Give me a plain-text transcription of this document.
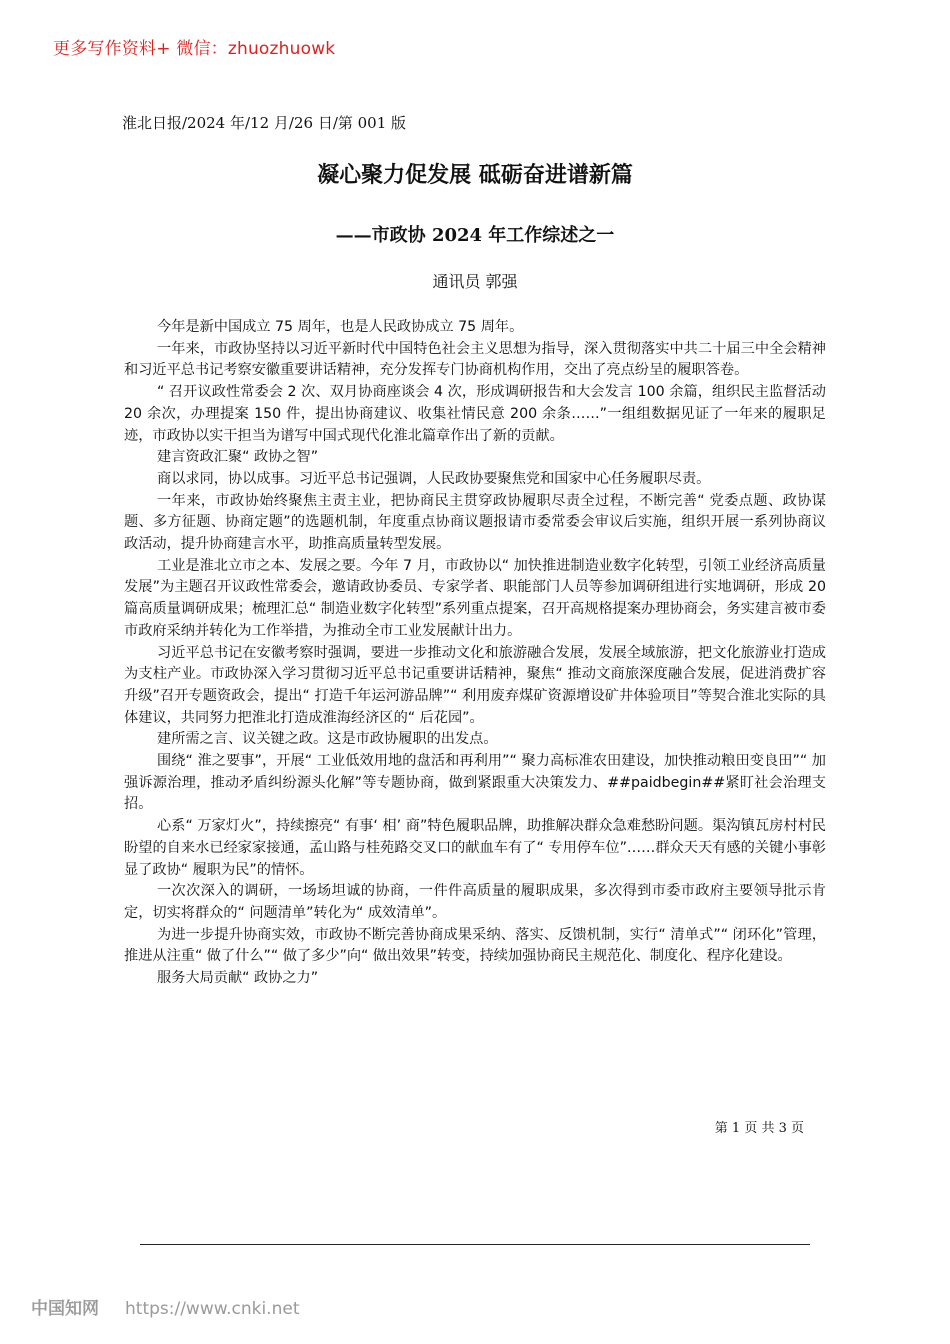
更多写作资料+ 微信：zhuozhuowk
淮北日报/2024 年/12 月/26 日/第 001 版
凝心聚力促发展 砥砺奋进谱新篇
——市政协 2024 年工作综述之一
通讯员 郭强

今年是新中国成立 75 周年，也是人民政协成立 75 周年。

一年来，市政协坚持以习近平新时代中国特色社会主义思想为指导，深入贯彻落实中共二十届三中全会精神和习近平总书记考察安徽重要讲话精神，充分发挥专门协商机构作用，交出了亮点纷呈的履职答卷。

“ 召开议政性常委会 2 次、双月协商座谈会 4 次，形成调研报告和大会发言 100 余篇，组织民主监督活动 20 余次，办理提案 150 件，提出协商建议、收集社情民意 200 余条……”一组组数据见证了一年来的履职足迹，市政协以实干担当为谱写中国式现代化淮北篇章作出了新的贡献。

建言资政汇聚“ 政协之智”

商以求同，协以成事。习近平总书记强调，人民政协要聚焦党和国家中心任务履职尽责。

一年来，市政协始终聚焦主责主业，把协商民主贯穿政协履职尽责全过程，不断完善“ 党委点题、政协谋题、多方征题、协商定题”的选题机制，年度重点协商议题报请市委常委会审议后实施，组织开展一系列协商议政活动，提升协商建言水平，助推高质量转型发展。

工业是淮北立市之本、发展之要。今年 7 月，市政协以“ 加快推进制造业数字化转型，引领工业经济高质量发展”为主题召开议政性常委会，邀请政协委员、专家学者、职能部门人员等参加调研组进行实地调研，形成 20 篇高质量调研成果；梳理汇总“ 制造业数字化转型”系列重点提案，召开高规格提案办理协商会，务实建言被市委市政府采纳并转化为工作举措，为推动全市工业发展献计出力。

习近平总书记在安徽考察时强调，要进一步推动文化和旅游融合发展，发展全域旅游，把文化旅游业打造成为支柱产业。市政协深入学习贯彻习近平总书记重要讲话精神，聚焦“ 推动文商旅深度融合发展，促进消费扩容升级”召开专题资政会，提出“ 打造千年运河游品牌”“ 利用废弃煤矿资源增设矿井体验项目”等契合淮北实际的具体建议，共同努力把淮北打造成淮海经济区的“ 后花园”。

建所需之言、议关键之政。这是市政协履职的出发点。

围绕“ 淮之要事”，开展“ 工业低效用地的盘活和再利用”“ 聚力高标准农田建设，加快推动粮田变良田”“ 加强诉源治理，推动矛盾纠纷源头化解”等专题协商，做到紧跟重大决策发力、##paidbegin##紧盯社会治理支招。

心系“ 万家灯火”，持续擦亮“ 有事‘ 相’ 商”特色履职品牌，助推解决群众急难愁盼问题。渠沟镇瓦房村村民盼望的自来水已经家家接通，孟山路与桂苑路交叉口的献血车有了“ 专用停车位”……群众天天有感的关键小事彰显了政协“ 履职为民”的情怀。

一次次深入的调研，一场场坦诚的协商，一件件高质量的履职成果，多次得到市委市政府主要领导批示肯定，切实将群众的“ 问题清单”转化为“ 成效清单”。

为进一步提升协商实效，市政协不断完善协商成果采纳、落实、反馈机制，实行“ 清单式”“ 闭环化”管理，推进从注重“ 做了什么”“ 做了多少”向“ 做出效果”转变，持续加强协商民主规范化、制度化、程序化建设。

服务大局贡献“ 政协之力”

第 1 页 共 3 页
中国知网 https://www.cnki.net
